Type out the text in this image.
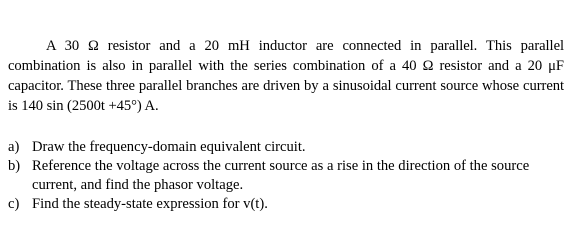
A 30 Ω resistor and a 20 mH inductor are connected in parallel. This parallel combination is also in parallel with the series combination of a 40 Ω resistor and a 20 μF capacitor. These three parallel branches are driven by a sinusoidal current source whose current is 140 sin (2500t +45°) A.

a) Draw the frequency-domain equivalent circuit.
b) Reference the voltage across the current source as a rise in the direction of the source current, and find the phasor voltage.
c) Find the steady-state expression for v(t).
